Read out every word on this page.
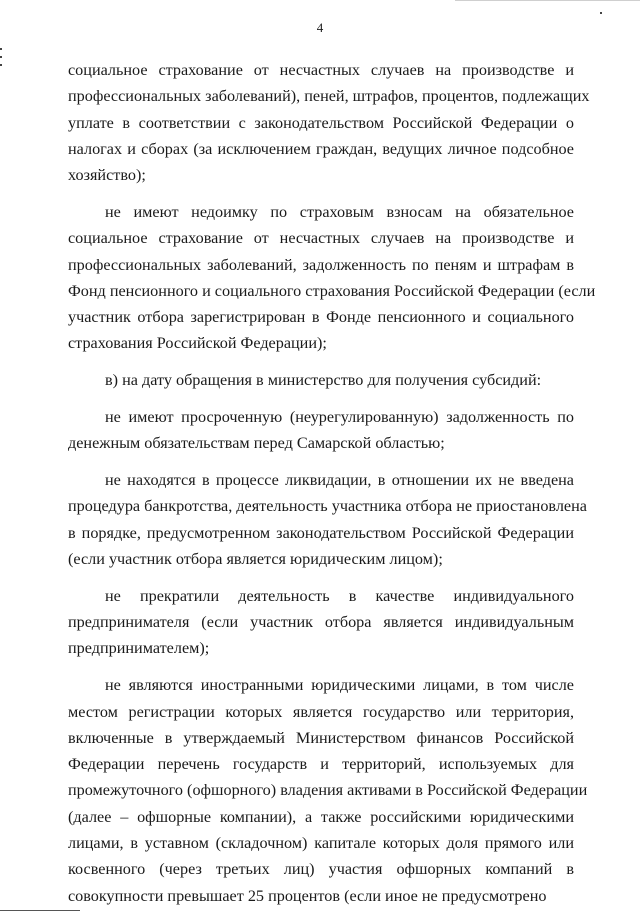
4
социальное страхование от несчастных случаев на производстве и
профессиональных заболеваний), пеней, штрафов, процентов, подлежащих
уплате в соответствии с законодательством Российской Федерации о
налогах и сборах (за исключением граждан, ведущих личное подсобное
хозяйство);
не имеют недоимку по страховым взносам на обязательное
социальное страхование от несчастных случаев на производстве и
профессиональных заболеваний, задолженность по пеням и штрафам в
Фонд пенсионного и социального страхования Российской Федерации (если
участник отбора зарегистрирован в Фонде пенсионного и социального
страхования Российской Федерации);
в) на дату обращения в министерство для получения субсидий:
не имеют просроченную (неурегулированную) задолженность по
денежным обязательствам перед Самарской областью;
не находятся в процессе ликвидации, в отношении их не введена
процедура банкротства, деятельность участника отбора не приостановлена
в порядке, предусмотренном законодательством Российской Федерации
(если участник отбора является юридическим лицом);
не прекратили деятельность в качестве индивидуального
предпринимателя (если участник отбора является индивидуальным
предпринимателем);
не являются иностранными юридическими лицами, в том числе
местом регистрации которых является государство или территория,
включенные в утверждаемый Министерством финансов Российской
Федерации перечень государств и территорий, используемых для
промежуточного (офшорного) владения активами в Российской Федерации
(далее – офшорные компании), а также российскими юридическими
лицами, в уставном (складочном) капитале которых доля прямого или
косвенного (через третьих лиц) участия офшорных компаний в
совокупности превышает 25 процентов (если иное не предусмотрено
